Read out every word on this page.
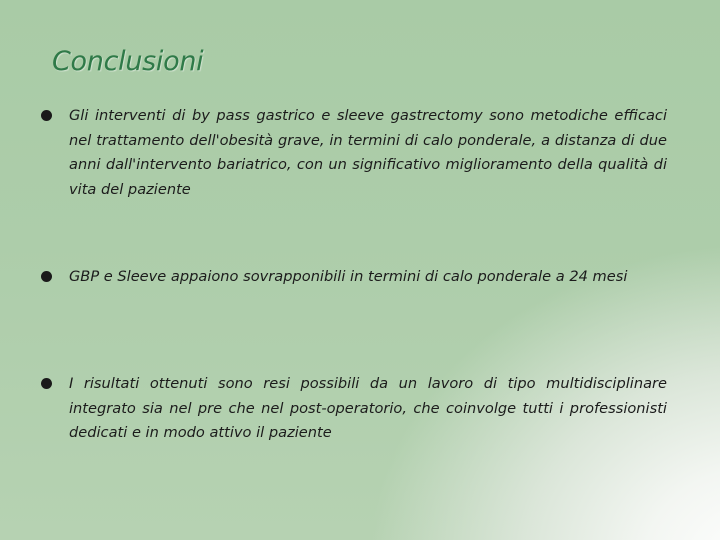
Conclusioni
Gli interventi di by pass gastrico e sleeve gastrectomy sono metodiche efficaci nel trattamento dell'obesità grave, in termini di calo ponderale, a distanza di due anni dall'intervento bariatrico, con un significativo miglioramento della qualità di vita del paziente
GBP e Sleeve appaiono sovrapponibili in termini di calo ponderale a 24 mesi
I risultati ottenuti sono resi possibili da un lavoro di tipo multidisciplinare integrato sia nel pre che nel post-operatorio, che coinvolge tutti i professionisti dedicati e in modo attivo il paziente
